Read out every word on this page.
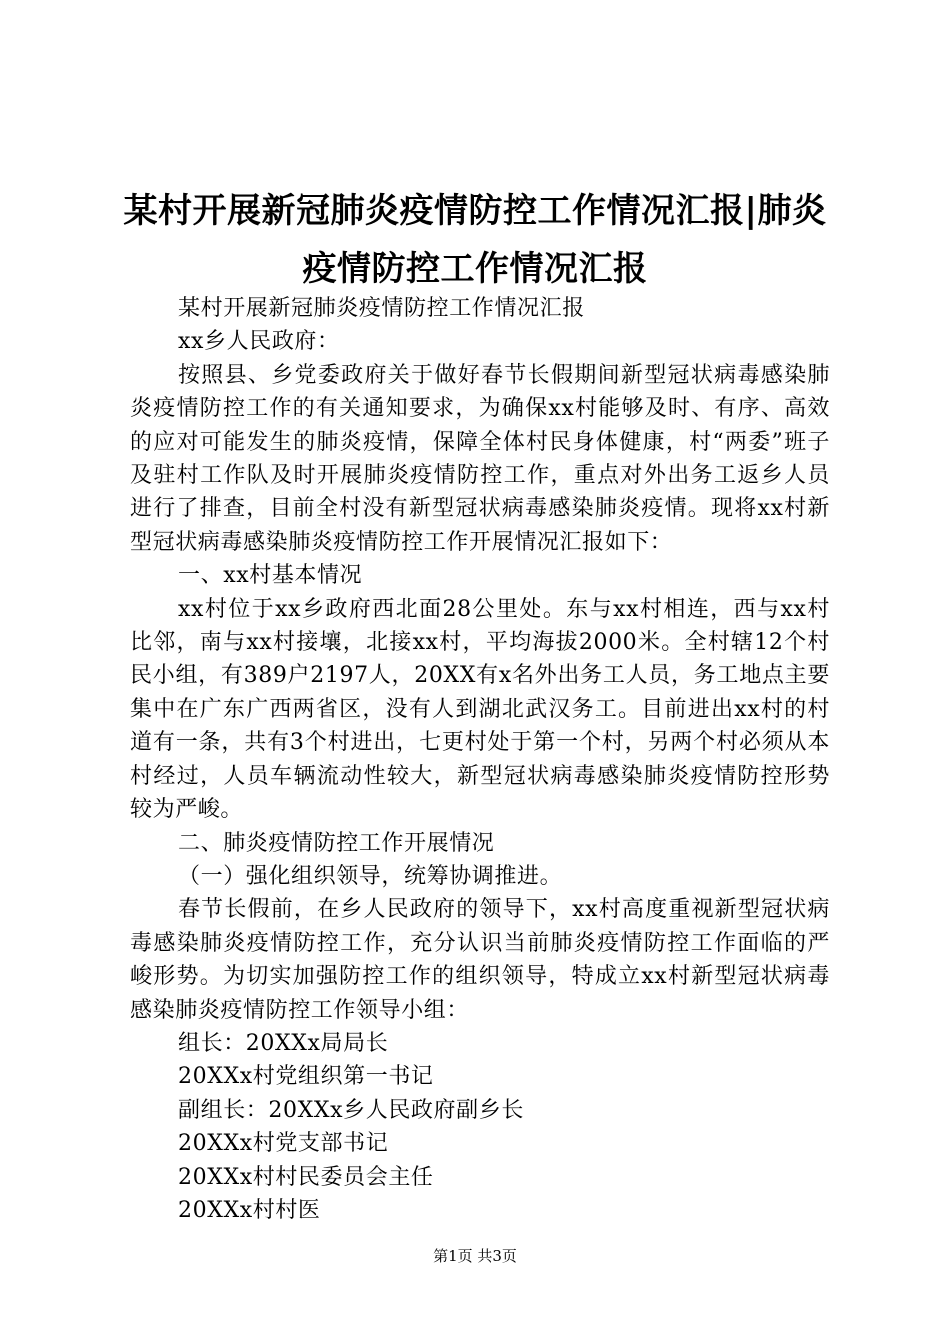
某村开展新冠肺炎疫情防控工作情况汇报|肺炎疫情防控工作情况汇报

某村开展新冠肺炎疫情防控工作情况汇报

xx乡人民政府：

按照县、乡党委政府关于做好春节长假期间新型冠状病毒感染肺炎疫情防控工作的有关通知要求，为确保xx村能够及时、有序、高效的应对可能发生的肺炎疫情，保障全体村民身体健康，村“两委”班子及驻村工作队及时开展肺炎疫情防控工作，重点对外出务工返乡人员进行了排查，目前全村没有新型冠状病毒感染肺炎疫情。现将xx村新型冠状病毒感染肺炎疫情防控工作开展情况汇报如下：

一、xx村基本情况

xx村位于xx乡政府西北面28公里处。东与xx村相连，西与xx村比邻，南与xx村接壤，北接xx村，平均海拔2000米。全村辖12个村民小组，有389户2197人，20XX有x名外出务工人员，务工地点主要集中在广东广西两省区，没有人到湖北武汉务工。目前进出xx村的村道有一条，共有3个村进出，七更村处于第一个村，另两个村必须从本村经过，人员车辆流动性较大，新型冠状病毒感染肺炎疫情防控形势较为严峻。

二、肺炎疫情防控工作开展情况

（一）强化组织领导，统筹协调推进。

春节长假前，在乡人民政府的领导下，xx村高度重视新型冠状病毒感染肺炎疫情防控工作，充分认识当前肺炎疫情防控工作面临的严峻形势。为切实加强防控工作的组织领导，特成立xx村新型冠状病毒感染肺炎疫情防控工作领导小组：

组长：20XXx局局长

20XXx村党组织第一书记

副组长：20XXx乡人民政府副乡长

20XXx村党支部书记

20XXx村村民委员会主任

20XXx村村医

第1页 共3页
